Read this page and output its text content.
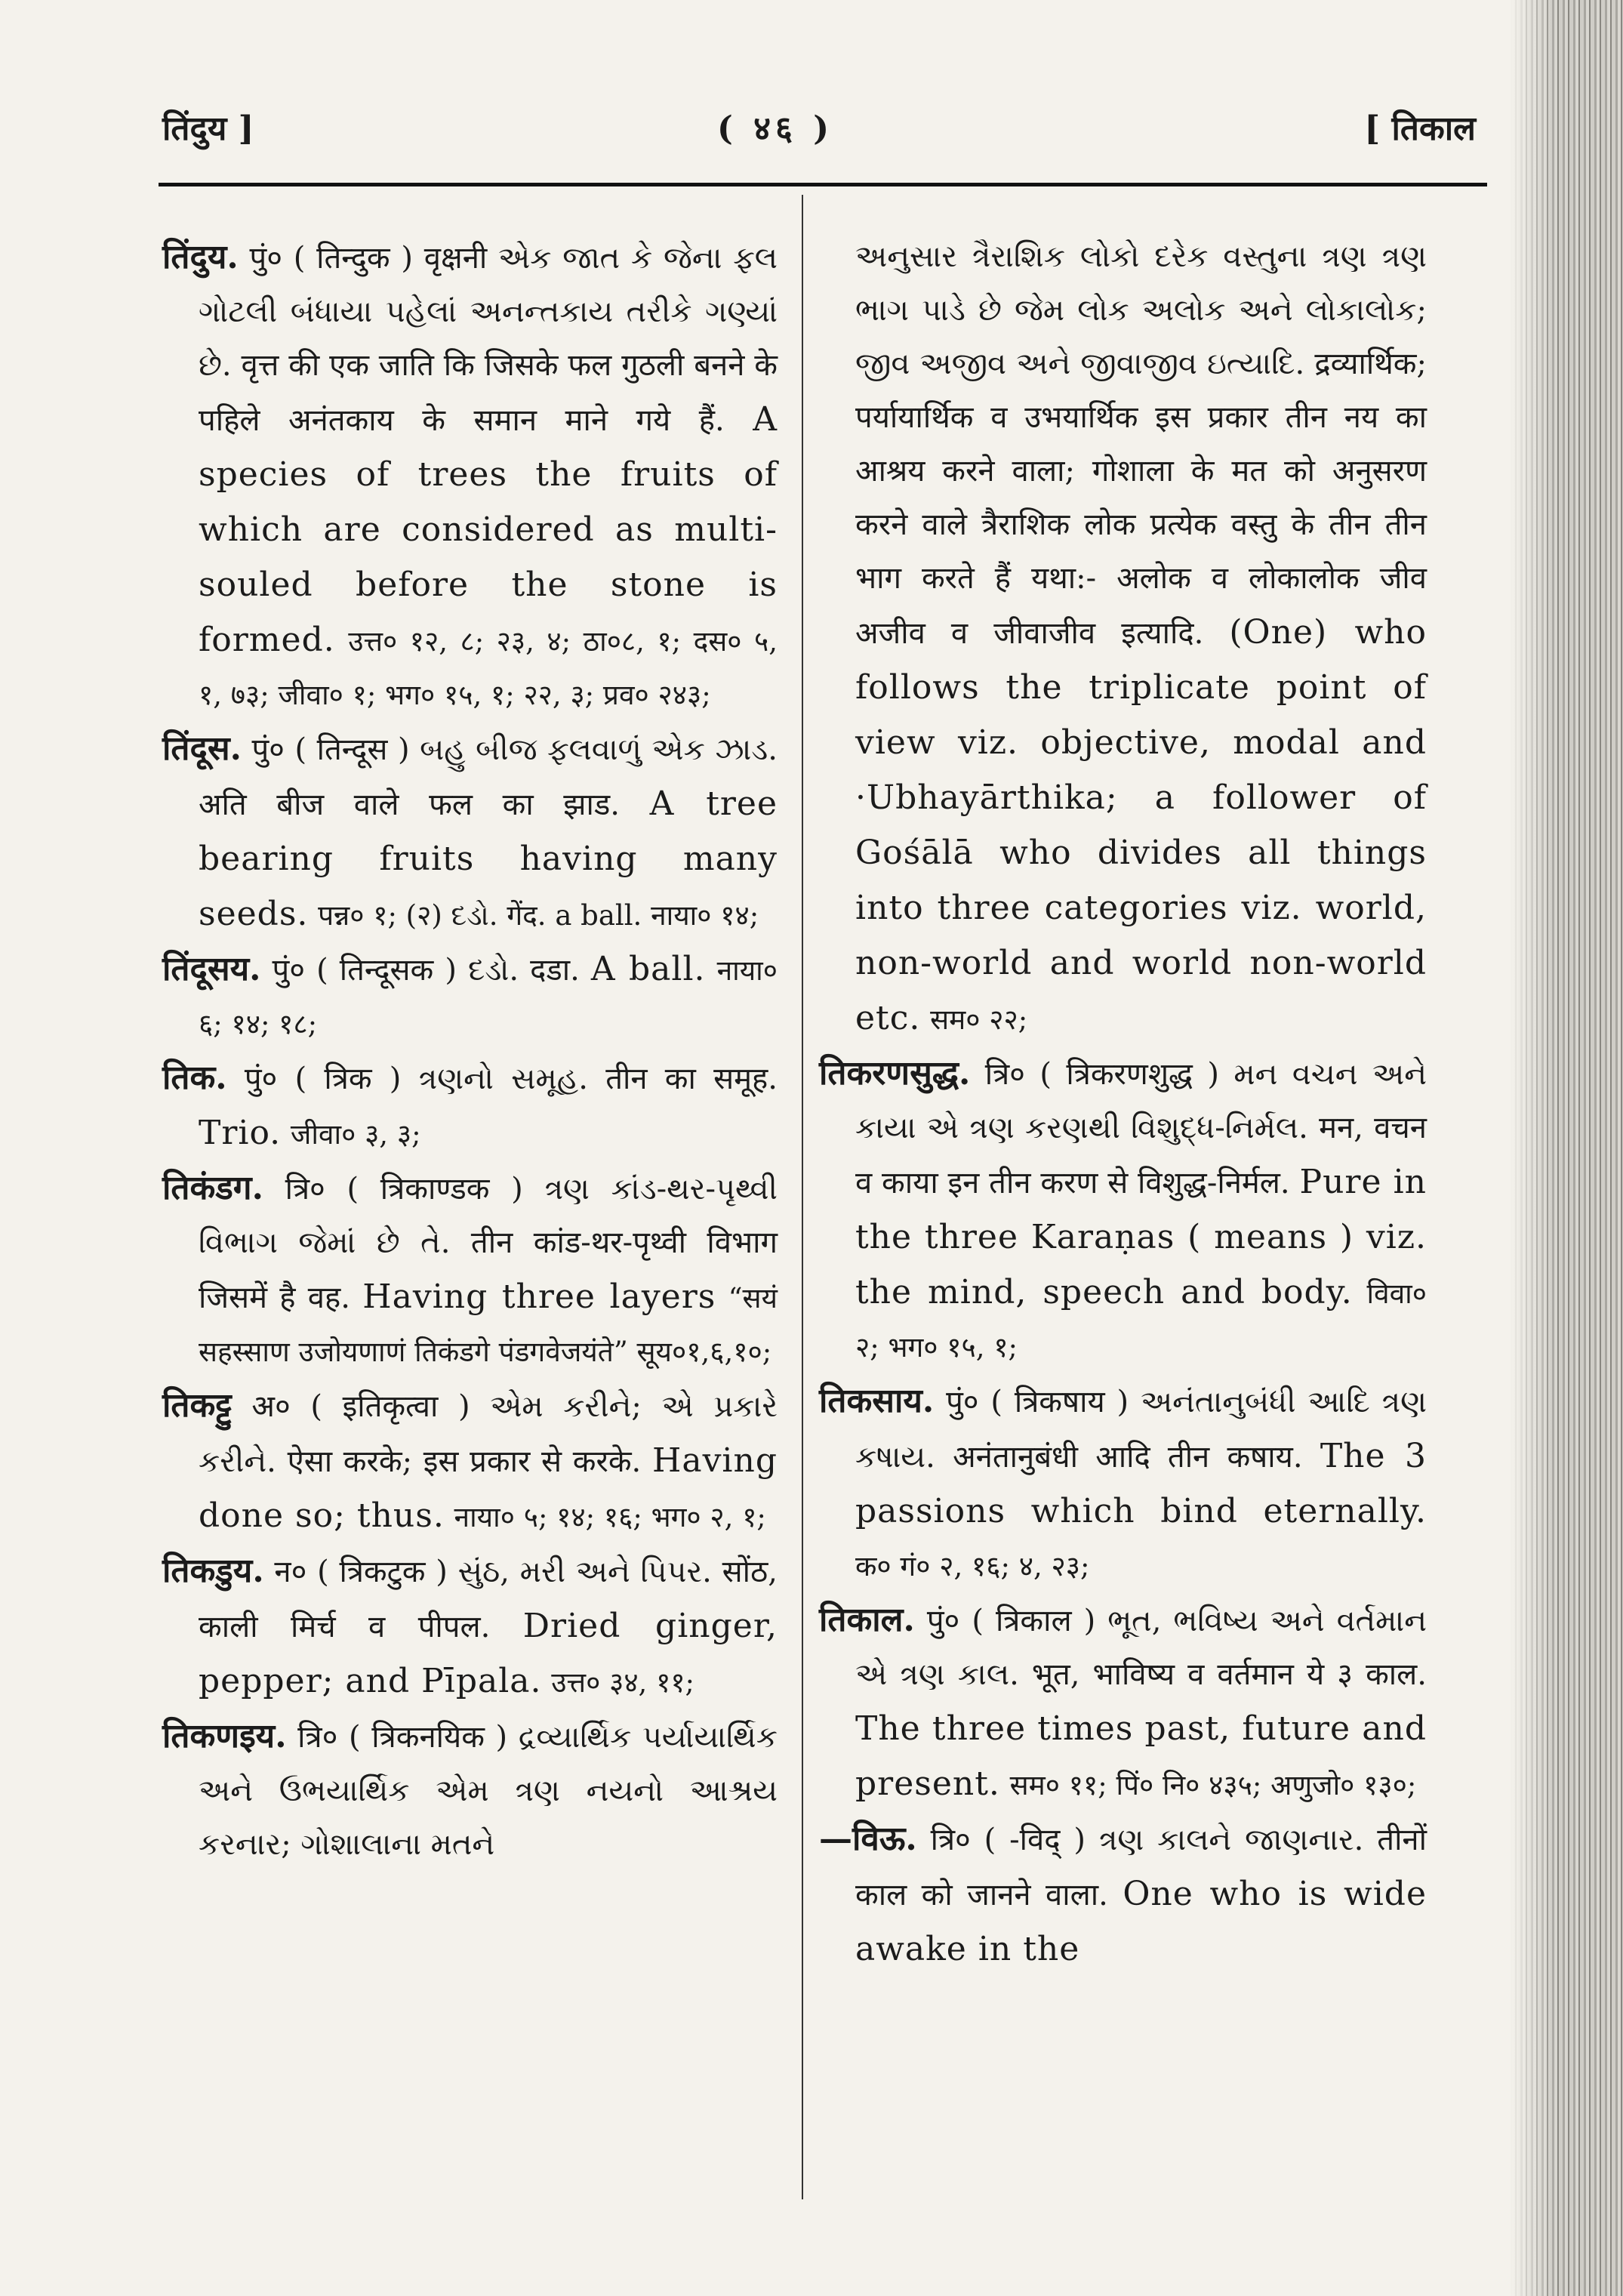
तिंदुय ]	( ४६ )	[ तिकाल

तिंदुय. पुं० ( तिन्दुक ) वृक्षनी એક જાત કે જેના ફલ ગોટલી બંધાયા પહેલાં અનન્તકાય તરીકે ગણ્યાં છે. वृत्त की एक जाति कि जिसके फल गुठली बनने के पहिले अनंतकाय के समान माने गये हैं. A species of trees the fruits of which are considered as multi-souled before the stone is formed. उत्त० १२, ८; २३, ४; ठा०८, १; दस० ५, १, ७३; जीवा० १; भग० १५, १; २२, ३; प्रव० २४३;

तिंदूस. पुं० ( तिन्दूस ) બહુ બીજ ફલવાળું એક ઝાડ. अति बीज वाले फल का झाड. A tree bearing fruits having many seeds. पन्न० १; (२) દડો. गेंद. a ball. नाया० १४;

तिंदूसय. पुं० ( तिन्दूसक ) દડો. दडा. A ball. नाया० ६; १४; १८;

तिक. पुं० ( त्रिक ) ત્રણનો સમૂહ. तीन का समूह. Trio. जीवा० ३, ३;

तिकंडग. त्रि० ( त्रिकाण्डक ) ત્રણ કાંડ-થર-પૃથ્વી વિભાગ જેમાં છે તે. तीन कांड-थर-पृथ्वी विभाग जिसमें है वह. Having three layers “सयं सहस्साण उजोयणाणं तिकंडगे पंडगवेजयंते” सूय०१,६,१०;

तिकट्टु अ० ( इतिकृत्वा ) એમ કરીને; એ પ્રકારે કરીને. ऐसा करके; इस प्रकार से करके. Having done so; thus. नाया० ५; १४; १६; भग० २, १;

तिकडुय. न० ( त्रिकटुक ) સુંઠ, મરી અને પિપર. सोंठ, काली मिर्च व पीपल. Dried ginger, pepper; and Pīpala. उत्त० ३४, ११;

तिकणइय. त्रि० ( त्रिकनयिक ) દ્રવ્યાર્થિક પર્યાયાર્થિક અને ઉભયાર્થિક એમ ત્રણ નયનો આશ્રય કરનાર; ગોશાલાના મતને

અનુસાર ત્રૈરાશિક લોકો દરેક વસ્તુના ત્રણ ત્રણ ભાગ પાડે છે જેમ લોક અલોક અને લોકાલોક; જીવ અજીવ અને જીવાજીવ ઇત્યાદિ. द्रव्यार्थिक; पर्यायार्थिक व उभयार्थिक इस प्रकार तीन नय का आश्रय करने वाला; गोशाला के मत को अनुसरण करने वाले त्रैराशिक लोक प्रत्येक वस्तु के तीन तीन भाग करते हैं यथा:- अलोक व लोकालोक जीव अजीव व जीवाजीव इत्यादि. (One) who follows the triplicate point of view viz. objective, modal and ·Ubhayārthika; a follower of Gośālā who divides all things into three categories viz. world, non-world and world non-world etc. सम० २२;

तिकरणसुद्ध. त्रि० ( त्रिकरणशुद्ध ) મન વચન અને કાયા એ ત્રણ કરણથી વિશુદ્ધ-નિર્મલ. मन, वचन व काया इन तीन करण से विशुद्ध-निर्मल. Pure in the three Karaṇas ( means ) viz. the mind, speech and body. विवा० २; भग० १५, १;

तिकसाय. पुं० ( त्रिकषाय ) અનંતાનુબંધી આદિ ત્રણ કષાય. अनंतानुबंधी आदि तीन कषाय. The 3 passions which bind eternally. क० गं० २, १६; ४, २३;

तिकाल. पुं० ( त्रिकाल ) ભૂત, ભવિષ્ય અને વર્તમાન એ ત્રણ કાલ. भूत, भाविष्य व वर्तमान ये ३ काल. The three times past, future and present. सम० ११; पिं० नि० ४३५; अणुजो० १३०;

—विऊ. त्रि० ( -विद् ) ત્રણ કાલને જાણનાર. तीनों काल को जानने वाला. One who is wide awake in the
